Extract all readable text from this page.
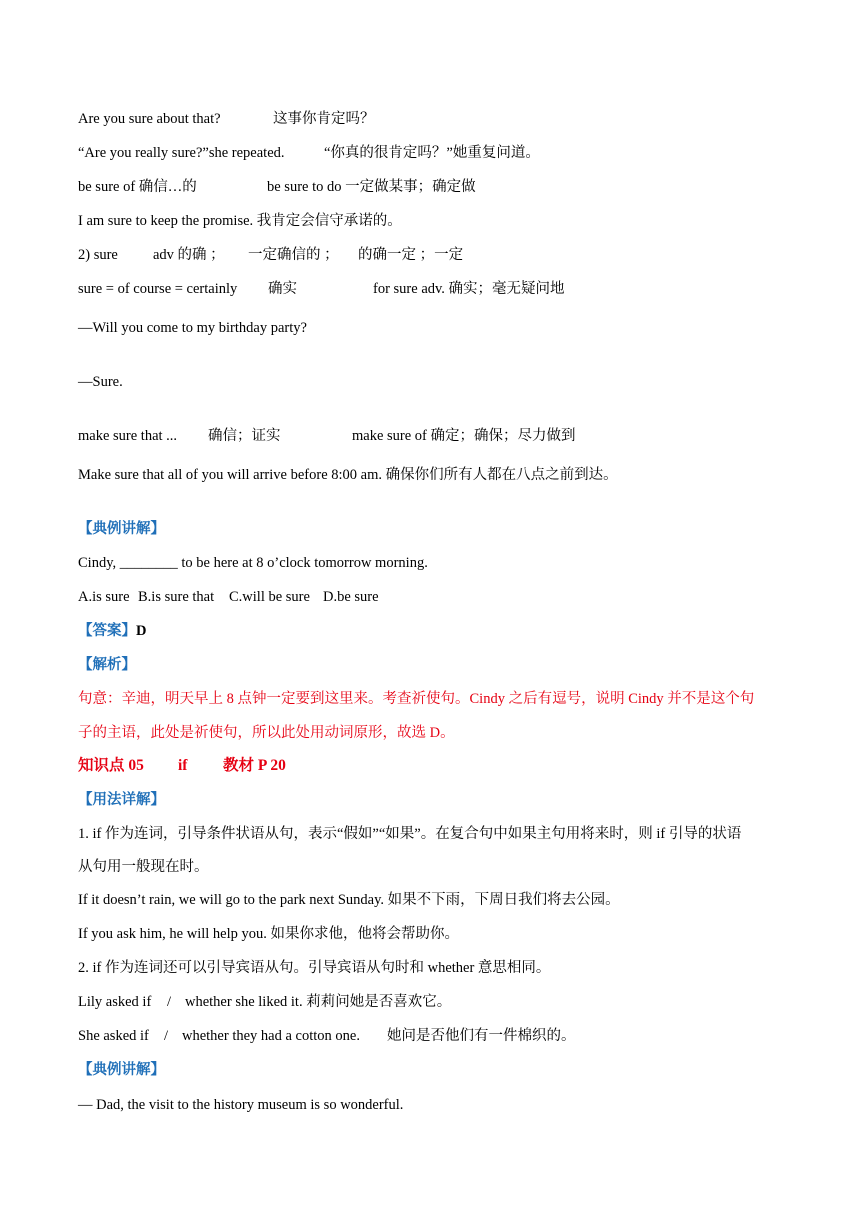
Are you sure about that?	这事你肯定吗？
“Are you really sure?”she repeated.	“你真的很肯定吗？”她重复问道。
be sure of 确信…的	be sure to do 一定做某事；确定做
I am sure to keep the promise. 我肯定会信守承诺的。
2) sure adv 的确 ； 一定确信的 ； 的确一定 ；一定
sure = of course = certainly 确实	for sure adv. 确实；毫无疑问地
—Will you come to my birthday party?
—Sure.
make sure that ... 确信；证实	make sure of 确定；确保；尽力做到
Make sure that all of you will arrive before 8:00 am. 确保你们所有人都在八点之前到达。
【典例讲解】
Cindy, ________ to be here at 8 o’clock tomorrow morning.
A.is sure B.is sure that C.will be sure D.be sure
【答案】D
【解析】
句意：辛迪，明天早上 8 点钟一定要到这里来。考查祈使句。Cindy 之后有逗号，说明 Cindy 并不是这个句
子的主语，此处是祈使句，所以此处用动词原形，故选 D。
知识点 05 if 教材 P 20
【用法详解】
1. if 作为连词，引导条件状语从句，表示“假如”“如果”。在复合句中如果主句用将来时，则 if 引导的状语
从句用一般现在时。
If it doesn’t rain, we will go to the park next Sunday. 如果不下雨，下周日我们将去公园。
If you ask him, he will help you. 如果你求他，他将会帮助你。
2. if 作为连词还可以引导宾语从句。引导宾语从句时和 whether 意思相同。
Lily asked if / whether she liked it. 莉莉问她是否喜欢它。
She asked if / whether they had a cotton one. 她问是否他们有一件棉织的。
【典例讲解】
— Dad, the visit to the history museum is so wonderful.
